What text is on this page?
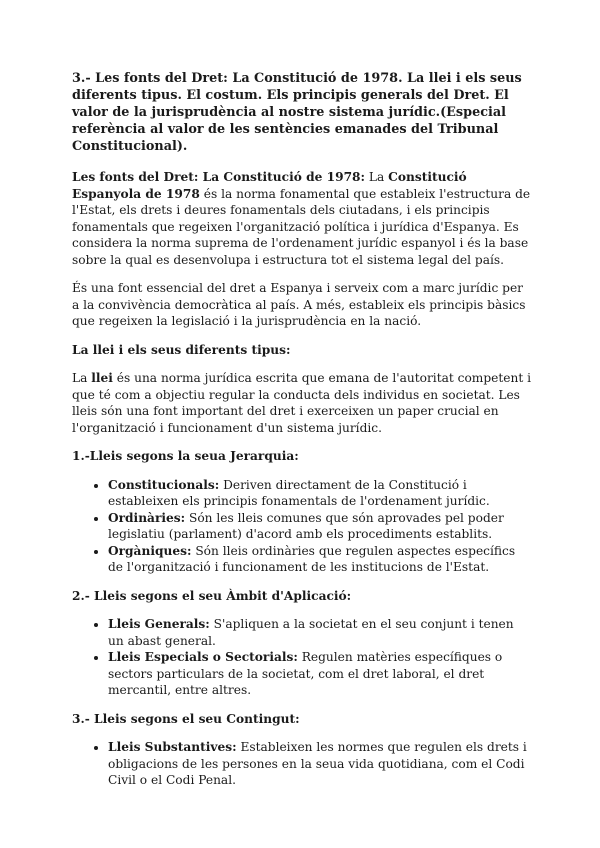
3.- Les fonts del Dret: La Constitució de 1978. La llei i els seus diferents tipus. El costum. Els principis generals del Dret. El valor de la jurisprudència al nostre sistema jurídic.(Especial referència al valor de les sentències emanades del Tribunal Constitucional).

Les fonts del Dret: La Constitució de 1978: La Constitució Espanyola de 1978 és la norma fonamental que estableix l'estructura de l'Estat, els drets i deures fonamentals dels ciutadans, i els principis fonamentals que regeixen l'organització política i jurídica d'Espanya. Es considera la norma suprema de l'ordenament jurídic espanyol i és la base sobre la qual es desenvolupa i estructura tot el sistema legal del país.

És una font essencial del dret a Espanya i serveix com a marc jurídic per a la convivència democràtica al país. A més, estableix els principis bàsics que regeixen la legislació i la jurisprudència en la nació.

La llei i els seus diferents tipus:

La llei és una norma jurídica escrita que emana de l'autoritat competent i que té com a objectiu regular la conducta dels individus en societat. Les lleis són una font important del dret i exerceixen un paper crucial en l'organització i funcionament d'un sistema jurídic.

1.-Lleis segons la seua Jerarquia:
• Constitucionals: Deriven directament de la Constitució i estableixen els principis fonamentals de l'ordenament jurídic.
• Ordinàries: Són les lleis comunes que són aprovades pel poder legislatiu (parlament) d'acord amb els procediments establits.
• Orgàniques: Són lleis ordinàries que regulen aspectes específics de l'organització i funcionament de les institucions de l'Estat.
2.- Lleis segons el seu Àmbit d'Aplicació:
• Lleis Generals: S'apliquen a la societat en el seu conjunt i tenen un abast general.
• Lleis Especials o Sectorials: Regulen matèries específiques o sectors particulars de la societat, com el dret laboral, el dret mercantil, entre altres.
3.- Lleis segons el seu Contingut:
• Lleis Substantives: Estableixen les normes que regulen els drets i obligacions de les persones en la seua vida quotidiana, com el Codi Civil o el Codi Penal.
